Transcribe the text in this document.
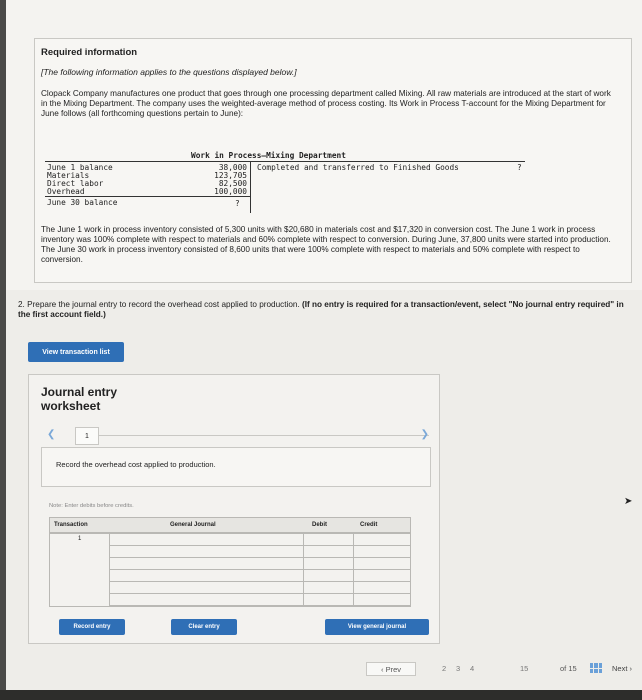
Required information
[The following information applies to the questions displayed below.]
Clopack Company manufactures one product that goes through one processing department called Mixing. All raw materials are introduced at the start of work in the Mixing Department. The company uses the weighted-average method of process costing. Its Work in Process T-account for the Mixing Department for June follows (all forthcoming questions pertain to June):
Work in Process—Mixing Department
June 1 balance	38,000
Materials	123,705
Direct labor	82,500
Overhead	100,000
June 30 balance	?
Completed and transferred to Finished Goods	?
The June 1 work in process inventory consisted of 5,300 units with $20,680 in materials cost and $17,320 in conversion cost. The June 1 work in process inventory was 100% complete with respect to materials and 60% complete with respect to conversion. During June, 37,800 units were started into production. The June 30 work in process inventory consisted of 8,600 units that were 100% complete with respect to materials and 50% complete with respect to conversion.
2. Prepare the journal entry to record the overhead cost applied to production. (If no entry is required for a transaction/event, select "No journal entry required" in the first account field.)
View transaction list
Journal entry worksheet
❮	1	❯
Record the overhead cost applied to production.
Note: Enter debits before credits.
Transaction	General Journal	Debit	Credit
1
Record entry	Clear entry	View general journal
‹ Prev	2 3 4	15	of 15	Next ›
➤
